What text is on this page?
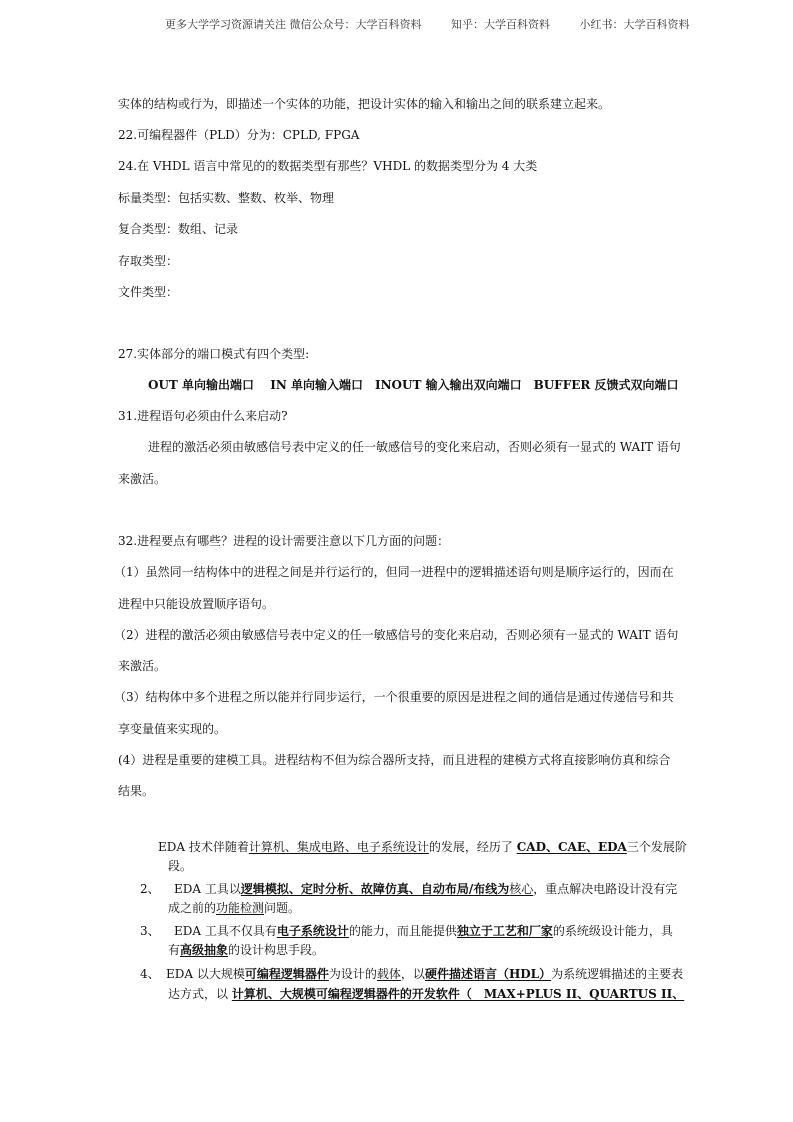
更多大学学习资源请关注 微信公众号：大学百科资料	知乎：大学百科资料	小红书：大学百科资料
实体的结构或行为，即描述一个实体的功能，把设计实体的输入和输出之间的联系建立起来。
22.可编程器件（PLD）分为：CPLD, FPGA
24.在 VHDL 语言中常见的的数据类型有那些？VHDL 的数据类型分为 4 大类
标量类型：包括实数、整数、枚举、物理
复合类型：数组、记录
存取类型：
文件类型：
27.实体部分的端口模式有四个类型:
OUT 单向输出端口　 IN 单向输入端口　INOUT 输入输出双向端口　BUFFER 反馈式双向端口
31.进程语句必须由什么来启动?
进程的激活必须由敏感信号表中定义的任一敏感信号的变化来启动，否则必须有一显式的 WAIT 语句
来激活。
32.进程要点有哪些？进程的设计需要注意以下几方面的问题：
（1）虽然同一结构体中的进程之间是并行运行的，但同一进程中的逻辑描述语句则是顺序运行的，因而在
进程中只能设放置顺序语句。
（2）进程的激活必须由敏感信号表中定义的任一敏感信号的变化来启动，否则必须有一显式的 WAIT 语句
来激活。
（3）结构体中多个进程之所以能并行同步运行，一个很重要的原因是进程之间的通信是通过传递信号和共
享变量值来实现的。
(4）进程是重要的建模工具。进程结构不但为综合器所支持，而且进程的建模方式将直接影响仿真和综合
结果。
EDA 技术伴随着计算机、集成电路、电子系统设计的发展，经历了 CAD、CAE、EDA三个发展阶
段。
2、 EDA 工具以逻辑模拟、定时分析、故障仿真、自动布局/布线为核心，重点解决电路设计没有完
成之前的功能检测问题。
3、 EDA 工具不仅具有电子系统设计的能力，而且能提供独立于工艺和厂家的系统级设计能力，具
有高级抽象的设计构思手段。
4、 EDA 以大规模可编程逻辑器件为设计的载体，以硬件描述语言（HDL）为系统逻辑描述的主要表
达方式，以 计算机、大规模可编程逻辑器件的开发软件（　MAX+PLUS II、QUARTUS II、
